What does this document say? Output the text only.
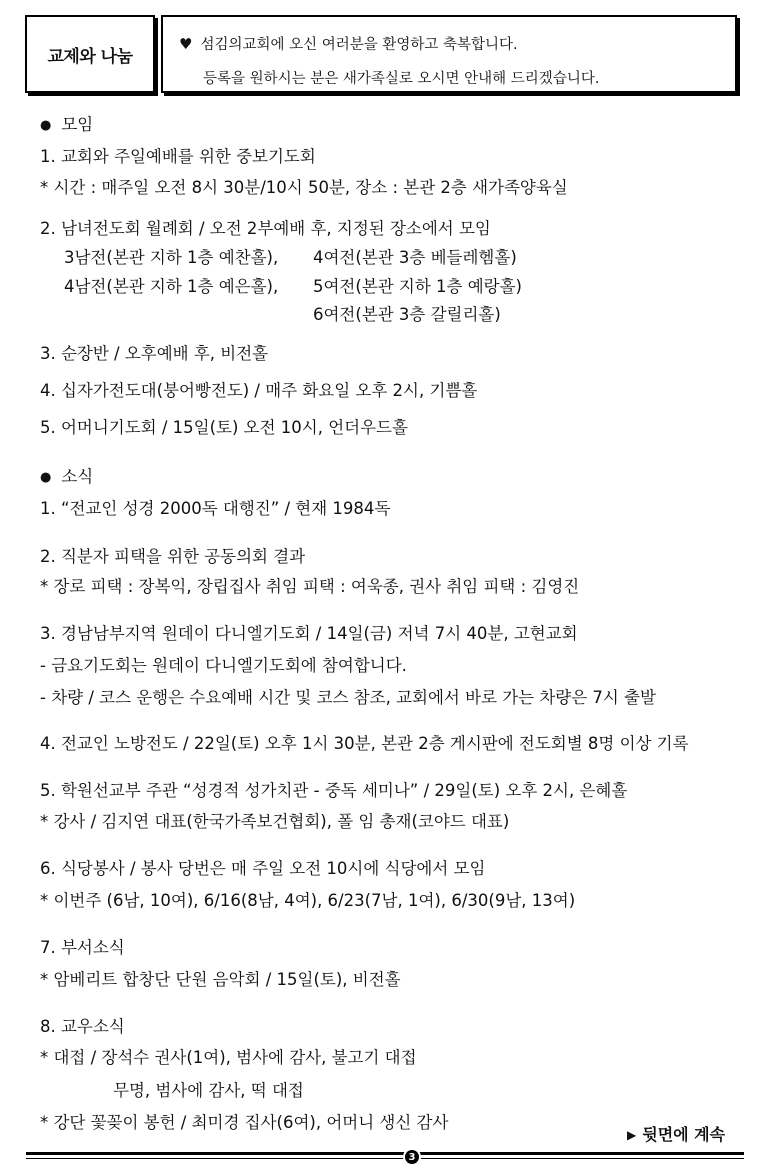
교제와 나눔
♥ 섬김의교회에 오신 여러분을 환영하고 축복합니다.
등록을 원하시는 분은 새가족실로 오시면 안내해 드리겠습니다.
● 모임
1. 교회와 주일예배를 위한 중보기도회
* 시간 : 매주일 오전 8시 30분/10시 50분, 장소 : 본관 2층 새가족양육실
2. 남녀전도회 월례회 / 오전 2부예배 후, 지정된 장소에서 모임
3남전(본관 지하 1층 예찬홀), 4여전(본관 3층 베들레헴홀)
4남전(본관 지하 1층 예은홀), 5여전(본관 지하 1층 예랑홀)
6여전(본관 3층 갈릴리홀)
3. 순장반 / 오후예배 후, 비전홀
4. 십자가전도대(붕어빵전도) / 매주 화요일 오후 2시, 기쁨홀
5. 어머니기도회 / 15일(토) 오전 10시, 언더우드홀
● 소식
1. “전교인 성경 2000독 대행진” / 현재 1984독
2. 직분자 피택을 위한 공동의회 결과
* 장로 피택 : 장복익, 장립집사 취임 피택 : 여욱종, 권사 취임 피택 : 김영진
3. 경남남부지역 원데이 다니엘기도회 / 14일(금) 저녁 7시 40분, 고현교회
- 금요기도회는 원데이 다니엘기도회에 참여합니다.
- 차량 / 코스 운행은 수요예배 시간 및 코스 참조, 교회에서 바로 가는 차량은 7시 출발
4. 전교인 노방전도 / 22일(토) 오후 1시 30분, 본관 2층 게시판에 전도회별 8명 이상 기록
5. 학원선교부 주관 “성경적 성가치관 - 중독 세미나” / 29일(토) 오후 2시, 은혜홀
* 강사 / 김지연 대표(한국가족보건협회), 폴 임 총재(코야드 대표)
6. 식당봉사 / 봉사 당번은 매 주일 오전 10시에 식당에서 모임
* 이번주 (6남, 10여), 6/16(8남, 4여), 6/23(7남, 1여), 6/30(9남, 13여)
7. 부서소식
* 암베리트 합창단 단원 음악회 / 15일(토), 비전홀
8. 교우소식
* 대접 / 장석수 권사(1여), 범사에 감사, 불고기 대접
무명, 범사에 감사, 떡 대접
* 강단 꽃꽂이 봉헌 / 최미경 집사(6여), 어머니 생신 감사
▶ 뒷면에 계속
3
